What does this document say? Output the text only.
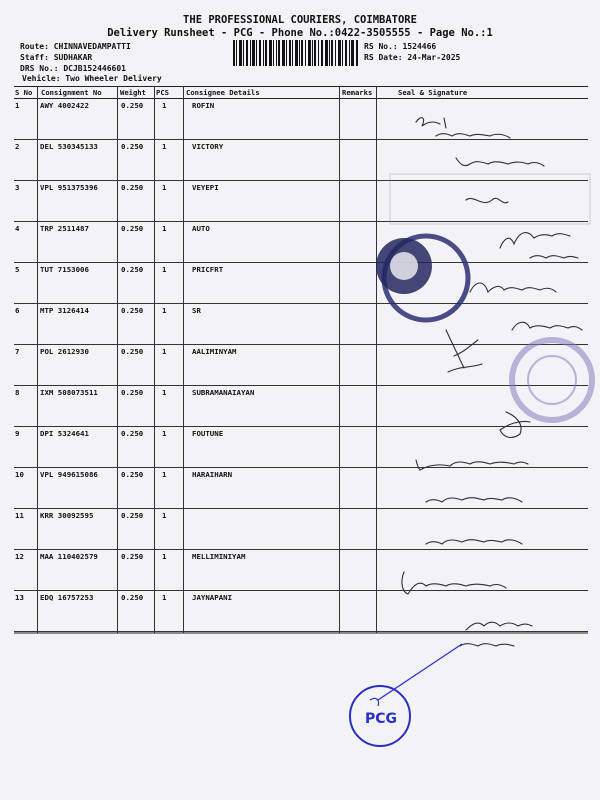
THE PROFESSIONAL COURIERS, COIMBATORE
Delivery Runsheet - PCG - Phone No.:0422-3505555 - Page No.:1
Route: CHINNAVEDAMPATTI
Staff: SUDHAKAR
DRS No.: DCJB152446601
Vehicle: Two Wheeler Delivery
RS No.: 1524466
RS Date: 24-Mar-2025
S No Consignment No	Weight PCS Consignee Details	Remarks	Seal & Signature
1	AWY 4002422	0.250	1	ROFIN
2	DEL 530345133	0.250	1	VICTORY
3	VPL 951375396	0.250	1	VEYEPI
4	TRP 2511487	0.250	1	AUTO
5	TUT 7153006	0.250	1	PRICFRT
6	MTP 3126414	0.250	1	SR
7	POL 2612930	0.250	1	AALIMINYAM
8	IXM 508073511	0.250	1	SUBRAMANAIAYAN
9	DPI 5324641	0.250	1	FOUTUNE
10 VPL 949615086	0.250	1	HARAIHARN
11 KRR 30092595	0.250	1
12 MAA 110402579	0.250	1	MELLIMINIYAM
13 EDQ 16757253	0.250	1	JAYNAPANI
PCG
